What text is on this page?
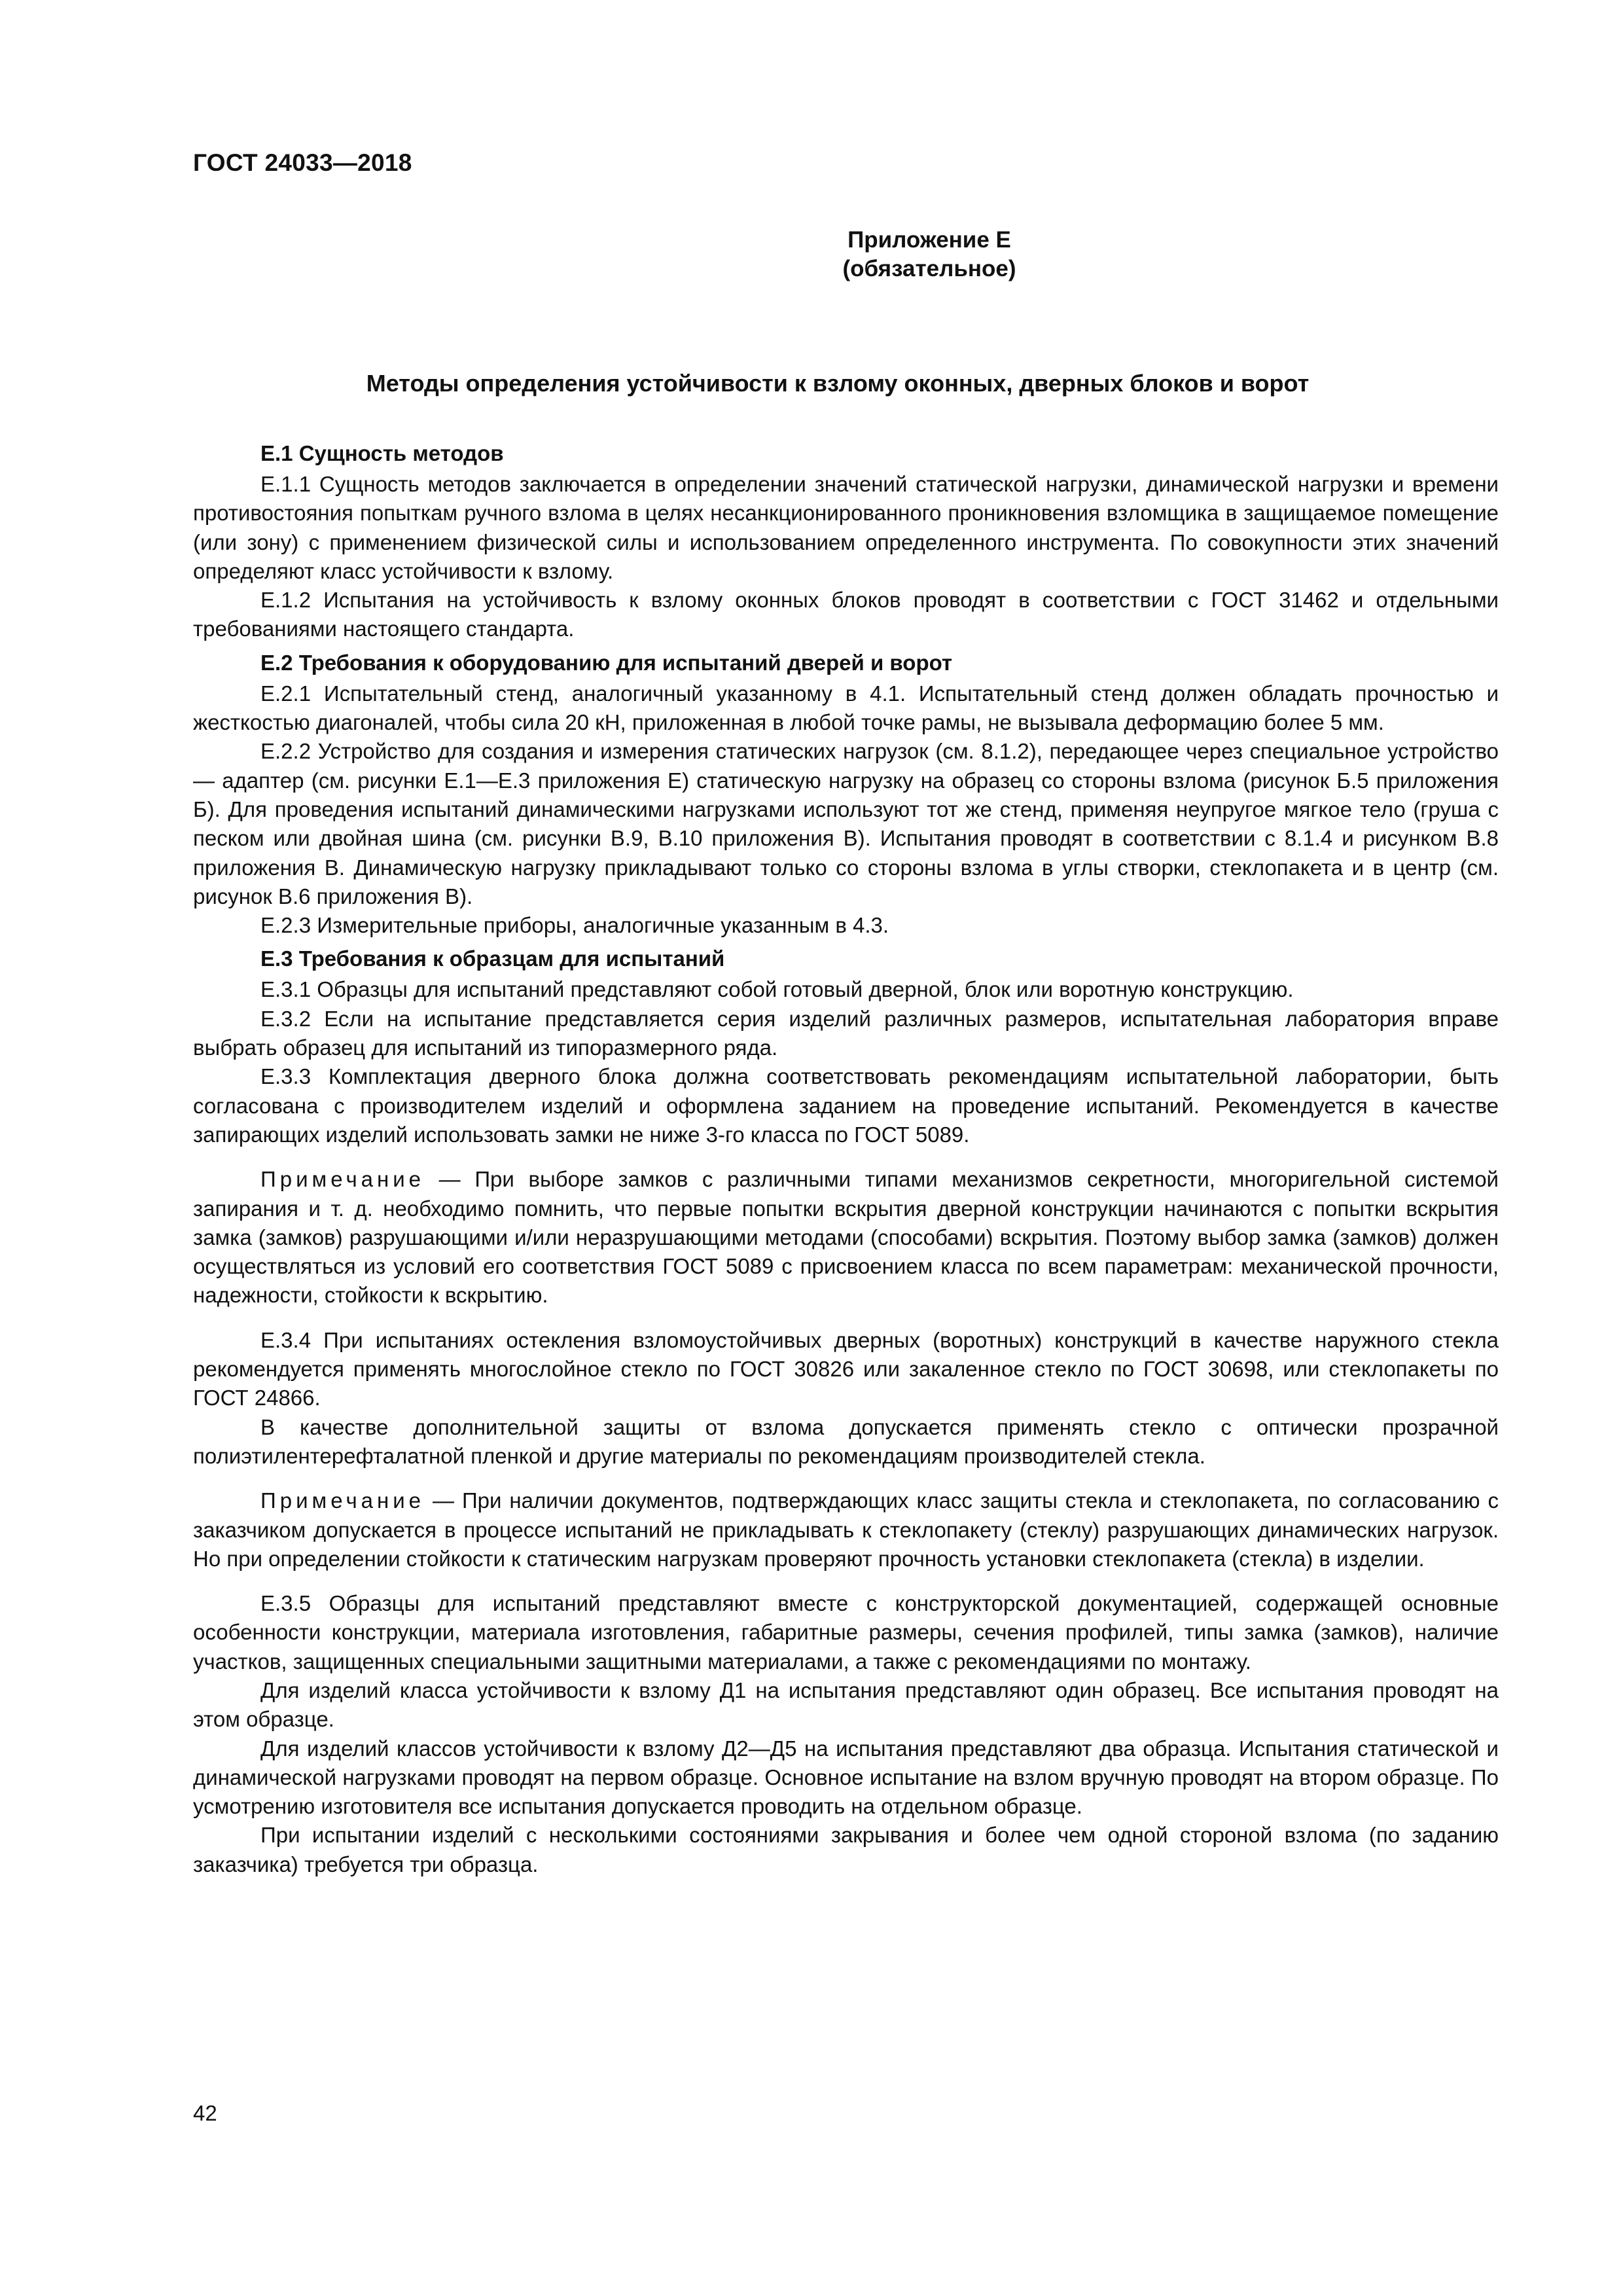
ГОСТ 24033—2018
Приложение Е
(обязательное)
Методы определения устойчивости к взлому оконных, дверных блоков и ворот
Е.1 Сущность методов

Е.1.1 Сущность методов заключается в определении значений статической нагрузки, динамической нагрузки и времени противостояния попыткам ручного взлома в целях несанкционированного проникновения взломщика в защищаемое помещение (или зону) с применением физической силы и использованием определенного инструмента. По совокупности этих значений определяют класс устойчивости к взлому.

Е.1.2 Испытания на устойчивость к взлому оконных блоков проводят в соответствии с ГОСТ 31462 и отдельными требованиями настоящего стандарта.

Е.2 Требования к оборудованию для испытаний дверей и ворот

Е.2.1 Испытательный стенд, аналогичный указанному в 4.1. Испытательный стенд должен обладать прочностью и жесткостью диагоналей, чтобы сила 20 кН, приложенная в любой точке рамы, не вызывала деформацию более 5 мм.

Е.2.2 Устройство для создания и измерения статических нагрузок (см. 8.1.2), передающее через специальное устройство — адаптер (см. рисунки Е.1—Е.3 приложения Е) статическую нагрузку на образец со стороны взлома (рисунок Б.5 приложения Б). Для проведения испытаний динамическими нагрузками используют тот же стенд, применяя неупругое мягкое тело (груша с песком или двойная шина (см. рисунки В.9, В.10 приложения В). Испытания проводят в соответствии с 8.1.4 и рисунком В.8 приложения В. Динамическую нагрузку прикладывают только со стороны взлома в углы створки, стеклопакета и в центр (см. рисунок В.6 приложения В).

Е.2.3 Измерительные приборы, аналогичные указанным в 4.3.

Е.3 Требования к образцам для испытаний

Е.3.1 Образцы для испытаний представляют собой готовый дверной, блок или воротную конструкцию.

Е.3.2 Если на испытание представляется серия изделий различных размеров, испытательная лаборатория вправе выбрать образец для испытаний из типоразмерного ряда.

Е.3.3 Комплектация дверного блока должна соответствовать рекомендациям испытательной лаборатории, быть согласована с производителем изделий и оформлена заданием на проведение испытаний. Рекомендуется в качестве запирающих изделий использовать замки не ниже 3-го класса по ГОСТ 5089.

Примечание — При выборе замков с различными типами механизмов секретности, многоригельной системой запирания и т. д. необходимо помнить, что первые попытки вскрытия дверной конструкции начинаются с попытки вскрытия замка (замков) разрушающими и/или неразрушающими методами (способами) вскрытия. Поэтому выбор замка (замков) должен осуществляться из условий его соответствия ГОСТ 5089 с присвоением класса по всем параметрам: механической прочности, надежности, стойкости к вскрытию.

Е.3.4 При испытаниях остекления взломоустойчивых дверных (воротных) конструкций в качестве наружного стекла рекомендуется применять многослойное стекло по ГОСТ 30826 или закаленное стекло по ГОСТ 30698, или стеклопакеты по ГОСТ 24866.

В качестве дополнительной защиты от взлома допускается применять стекло с оптически прозрачной полиэтилентерефталатной пленкой и другие материалы по рекомендациям производителей стекла.

Примечание — При наличии документов, подтверждающих класс защиты стекла и стеклопакета, по согласованию с заказчиком допускается в процессе испытаний не прикладывать к стеклопакету (стеклу) разрушающих динамических нагрузок. Но при определении стойкости к статическим нагрузкам проверяют прочность установки стеклопакета (стекла) в изделии.

Е.3.5 Образцы для испытаний представляют вместе с конструкторской документацией, содержащей основные особенности конструкции, материала изготовления, габаритные размеры, сечения профилей, типы замка (замков), наличие участков, защищенных специальными защитными материалами, а также с рекомендациями по монтажу.

Для изделий класса устойчивости к взлому Д1 на испытания представляют один образец. Все испытания проводят на этом образце.

Для изделий классов устойчивости к взлому Д2—Д5 на испытания представляют два образца. Испытания статической и динамической нагрузками проводят на первом образце. Основное испытание на взлом вручную проводят на втором образце. По усмотрению изготовителя все испытания допускается проводить на отдельном образце.

При испытании изделий с несколькими состояниями закрывания и более чем одной стороной взлома (по заданию заказчика) требуется три образца.

42
